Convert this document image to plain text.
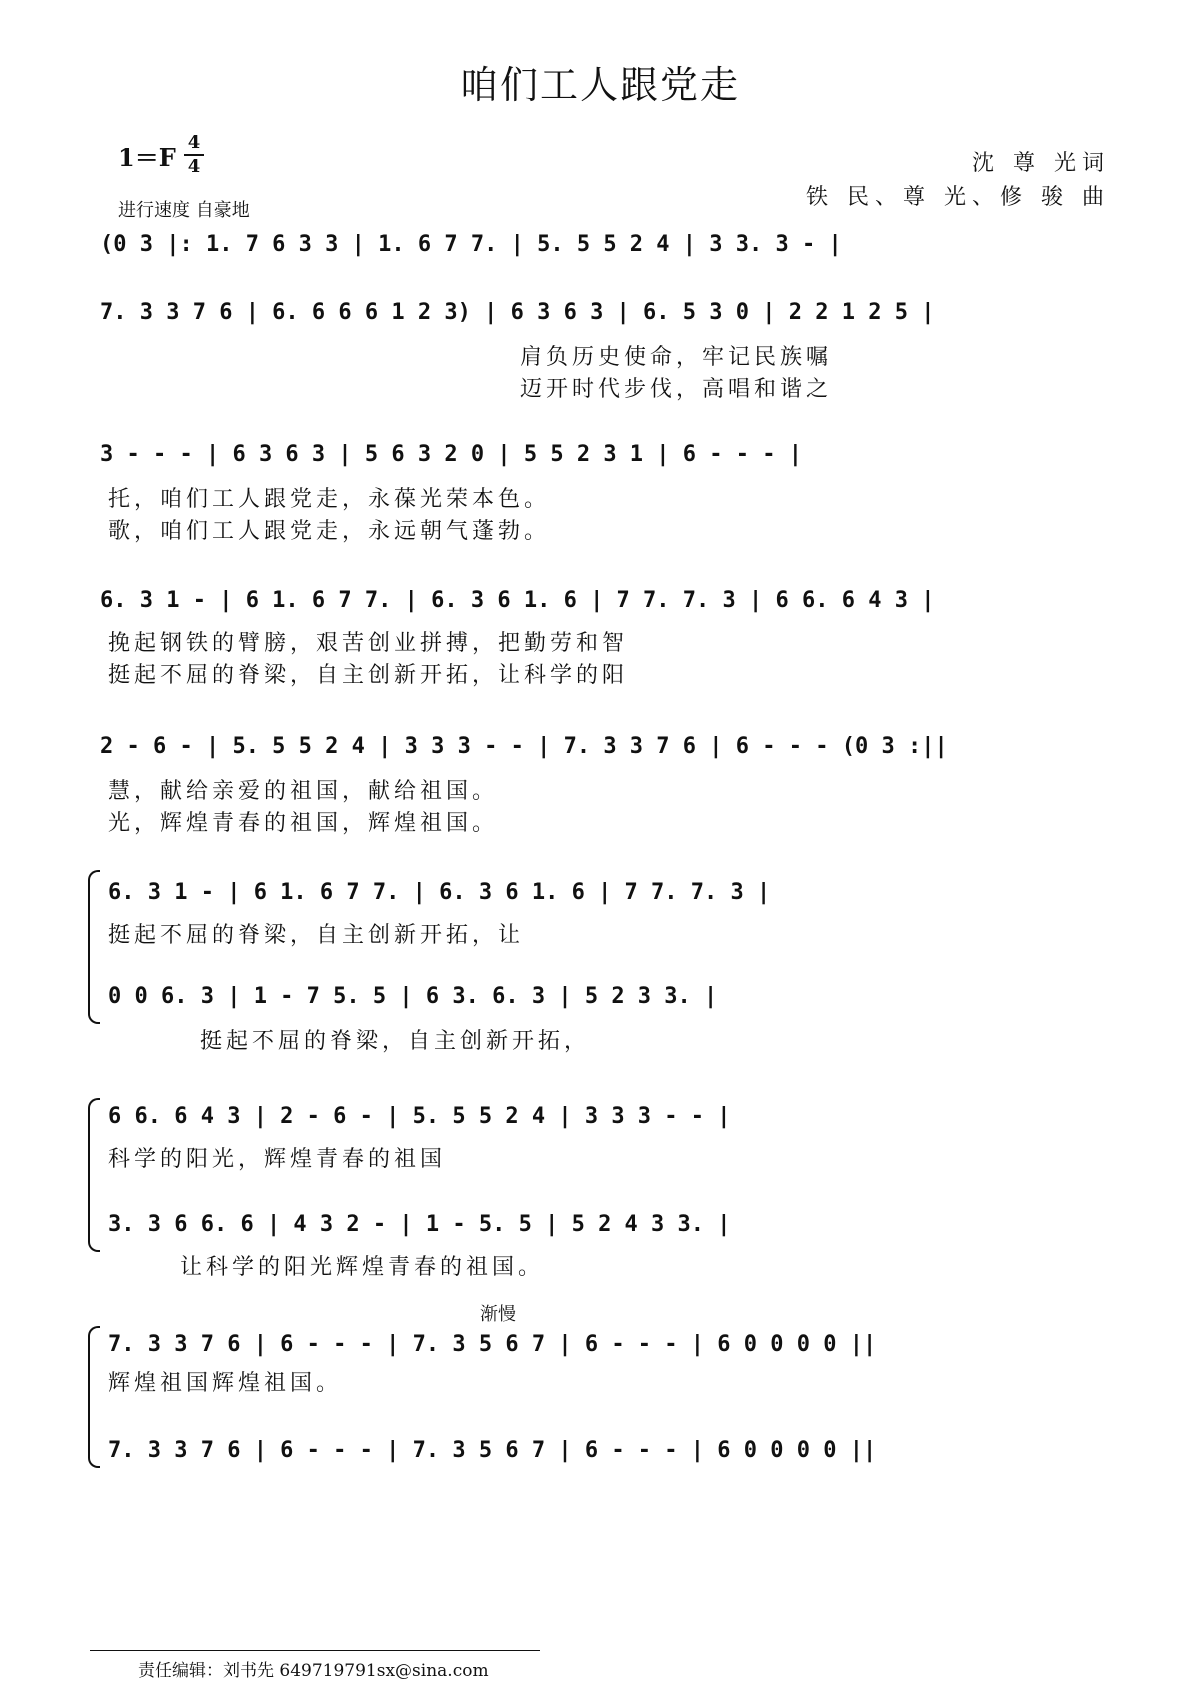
咱们工人跟党走
1＝F
4
4
进行速度 自豪地
沈 尊 光词
铁 民、尊 光、修 骏 曲
(0 3 |: 1. 7 6 3 3 | 1. 6 7 7. | 5. 5 5 2 4 | 3 3. 3 - |
7. 3 3 7 6 | 6. 6 6 6 1 2 3) | 6 3 6 3 | 6. 5 3 0 | 2 2 1 2 5 |
肩负历史使命，牢记民族嘱
迈开时代步伐，高唱和谐之
3 - - - | 6 3 6 3 | 5 6 3 2 0 | 5 5 2 3 1 | 6 - - - |
托，咱们工人跟党走，永葆光荣本色。
歌，咱们工人跟党走，永远朝气蓬勃。
6. 3 1 - | 6 1. 6 7 7. | 6. 3 6 1. 6 | 7 7. 7. 3 | 6 6. 6 4 3 |
挽起钢铁的臂膀，艰苦创业拼搏，把勤劳和智
挺起不屈的脊梁，自主创新开拓，让科学的阳
2 - 6 - | 5. 5 5 2 4 | 3 3 3 - - | 7. 3 3 7 6 | 6 - - - (0 3 :||
慧，献给亲爱的祖国，献给祖国。
光，辉煌青春的祖国，辉煌祖国。
6. 3 1 - | 6 1. 6 7 7. | 6. 3 6 1. 6 | 7 7. 7. 3 |
挺起不屈的脊梁，自主创新开拓，让
0 0 6. 3 | 1 - 7 5. 5 | 6 3. 6. 3 | 5 2 3 3. |
挺起不屈的脊梁，自主创新开拓，
6 6. 6 4 3 | 2 - 6 - | 5. 5 5 2 4 | 3 3 3 - - |
科学的阳光，辉煌青春的祖国
3. 3 6 6. 6 | 4 3 2 - | 1 - 5. 5 | 5 2 4 3 3. |
让科学的阳光辉煌青春的祖国。
渐慢
7. 3 3 7 6 | 6 - - - | 7. 3 5 6 7 | 6 - - - | 6 0 0 0 0 ||
辉煌祖国辉煌祖国。
7. 3 3 7 6 | 6 - - - | 7. 3 5 6 7 | 6 - - - | 6 0 0 0 0 ||
责任编辑：刘书先 649719791sx@sina.com
